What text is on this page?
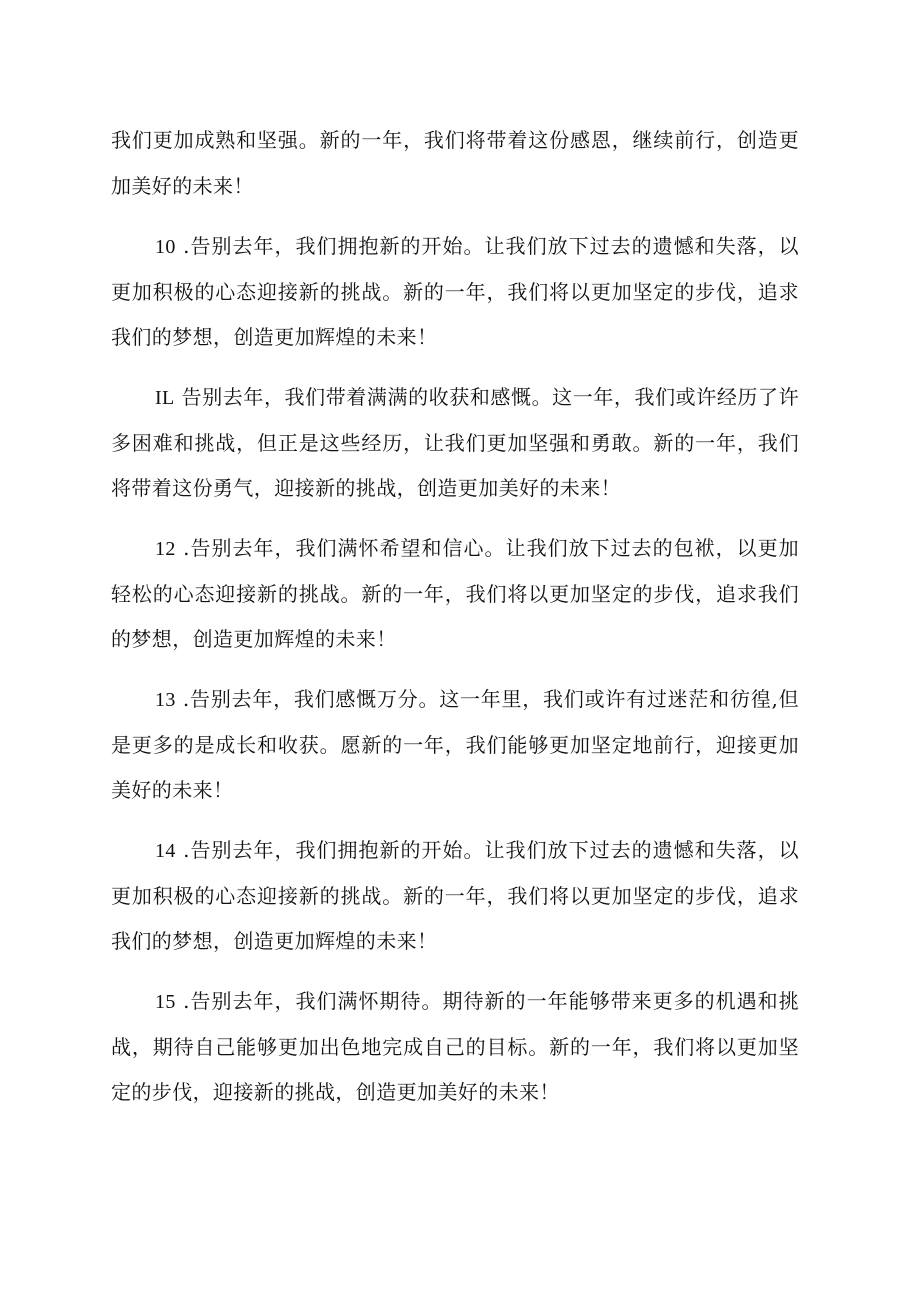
我们更加成熟和坚强。新的一年，我们将带着这份感恩，继续前行，创造更加美好的未来！

10 .告别去年，我们拥抱新的开始。让我们放下过去的遗憾和失落，以更加积极的心态迎接新的挑战。新的一年，我们将以更加坚定的步伐，追求我们的梦想，创造更加辉煌的未来！

IL 告别去年，我们带着满满的收获和感慨。这一年，我们或许经历了许多困难和挑战，但正是这些经历，让我们更加坚强和勇敢。新的一年，我们将带着这份勇气，迎接新的挑战，创造更加美好的未来！

12 .告别去年，我们满怀希望和信心。让我们放下过去的包袱，以更加轻松的心态迎接新的挑战。新的一年，我们将以更加坚定的步伐，追求我们的梦想，创造更加辉煌的未来！

13 .告别去年，我们感慨万分。这一年里，我们或许有过迷茫和彷徨,但是更多的是成长和收获。愿新的一年，我们能够更加坚定地前行，迎接更加美好的未来！

14 .告别去年，我们拥抱新的开始。让我们放下过去的遗憾和失落，以更加积极的心态迎接新的挑战。新的一年，我们将以更加坚定的步伐，追求我们的梦想，创造更加辉煌的未来！

15 .告别去年，我们满怀期待。期待新的一年能够带来更多的机遇和挑战，期待自己能够更加出色地完成自己的目标。新的一年，我们将以更加坚定的步伐，迎接新的挑战，创造更加美好的未来！
